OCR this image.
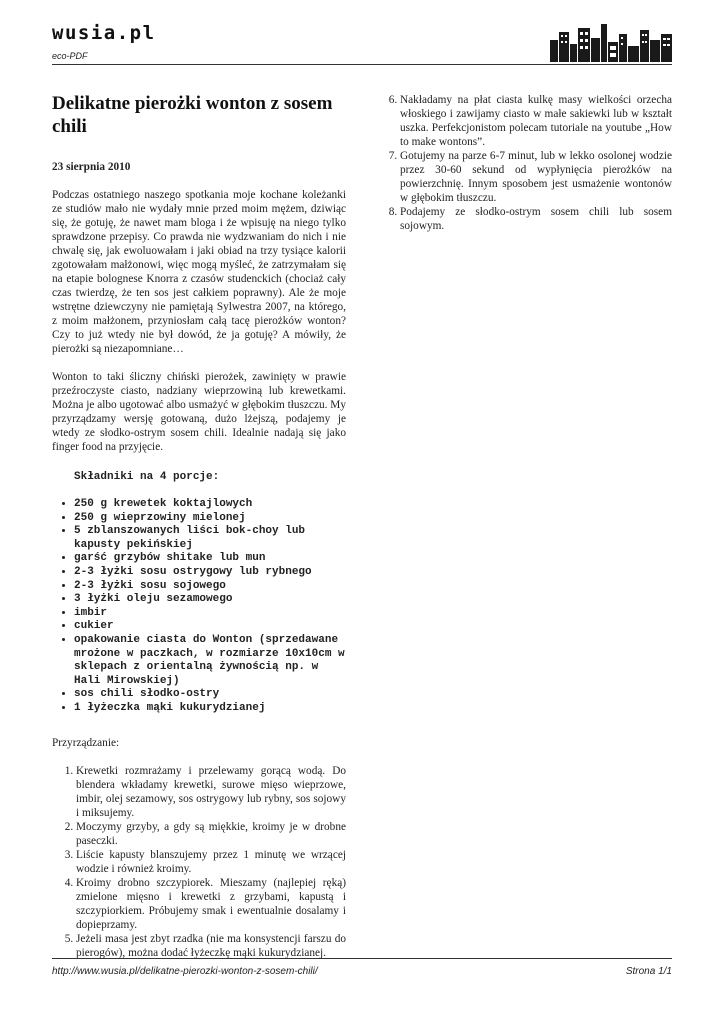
wusia.pl
eco-PDF
Delikatne pierożki wonton z sosem chili
23 sierpnia 2010

Podczas ostatniego naszego spotkania moje kochane koleżanki ze studiów mało nie wydały mnie przed moim mężem, dziwiąc się, że gotuję, że nawet mam bloga i że wpisuję na niego tylko sprawdzone przepisy. Co prawda nie wydzwaniam do nich i nie chwalę się, jak ewoluowałam i jaki obiad na trzy tysiące kalorii zgotowałam małżonowi, więc mogą myśleć, że zatrzymałam się na etapie bolognese Knorra z czasów studenckich (chociaż cały czas twierdzę, że ten sos jest całkiem poprawny). Ale że moje wstrętne dziewczyny nie pamiętają Sylwestra 2007, na którego, z moim małżonem, przyniosłam całą tacę pierożków wonton? Czy to już wtedy nie był dowód, że ja gotuję? A mówiły, że pierożki są niezapomniane…

Wonton to taki śliczny chiński pierożek, zawinięty w prawie przeźroczyste ciasto, nadziany wieprzowiną lub krewetkami. Można je albo ugotować albo usmażyć w głębokim tłuszczu. My przyrządzamy wersję gotowaną, dużo lżejszą, podajemy je wtedy ze słodko-ostrym sosem chili. Idealnie nadają się jako finger food na przyjęcie.

Składniki na 4 porcje:
• 250 g krewetek koktajlowych
• 250 g wieprzowiny mielonej
• 5 zblanszowanych liści bok-choy lub kapusty pekińskiej
• garść grzybów shitake lub mun
• 2-3 łyżki sosu ostrygowy lub rybnego
• 2-3 łyżki sosu sojowego
• 3 łyżki oleju sezamowego
• imbir
• cukier
• opakowanie ciasta do Wonton (sprzedawane mrożone w paczkach, w rozmiarze 10x10cm w sklepach z orientalną żywnością np. w Hali Mirowskiej)
• sos chili słodko-ostry
• 1 łyżeczka mąki kukurydzianej
Przyrządzanie:
1. Krewetki rozmrażamy i przelewamy gorącą wodą. Do blendera wkładamy krewetki, surowe mięso wieprzowe, imbir, olej sezamowy, sos ostrygowy lub rybny, sos sojowy i miksujemy.
2. Moczymy grzyby, a gdy są miękkie, kroimy je w drobne paseczki.
3. Liście kapusty blanszujemy przez 1 minutę we wrzącej wodzie i również kroimy.
4. Kroimy drobno szczypiorek. Mieszamy (najlepiej ręką) zmielone mięsno i krewetki z grzybami, kapustą i szczypiorkiem. Próbujemy smak i ewentualnie dosalamy i dopieprzamy.
5. Jeżeli masa jest zbyt rzadka (nie ma konsystencji farszu do pierogów), można dodać łyżeczkę mąki kukurydzianej.
6. Nakładamy na płat ciasta kulkę masy wielkości orzecha włoskiego i zawijamy ciasto w małe sakiewki lub w kształt uszka. Perfekcjonistom polecam tutoriale na youtube „How to make wontons”.
7. Gotujemy na parze 6-7 minut, lub w lekko osolonej wodzie przez 30-60 sekund od wypłynięcia pierożków na powierzchnię. Innym sposobem jest usmażenie wontonów w głębokim tłuszczu.
8. Podajemy ze słodko-ostrym sosem chili lub sosem sojowym.
http://www.wusia.pl/delikatne-pierozki-wonton-z-sosem-chili/	Strona 1/1
